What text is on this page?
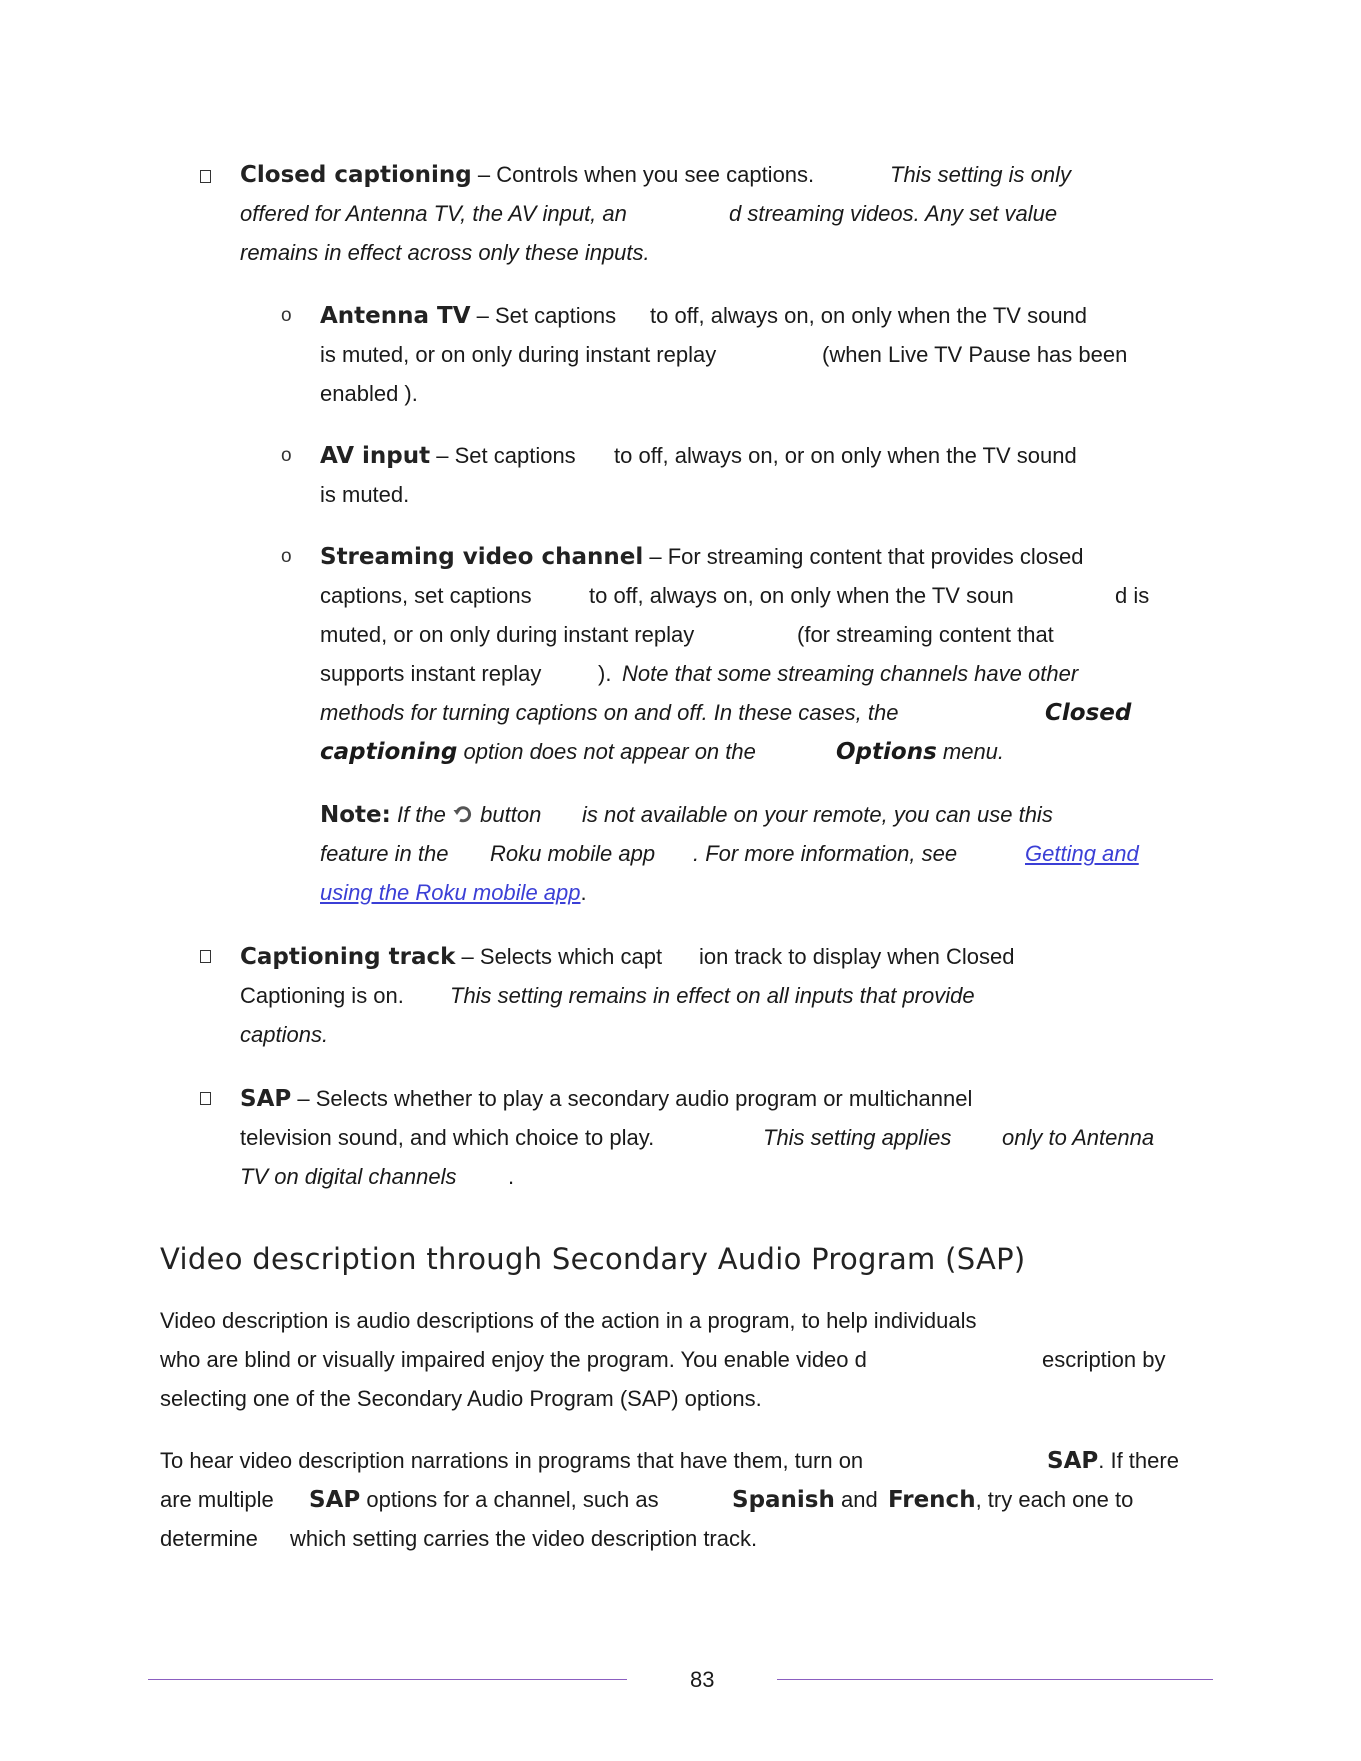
Closed captioning – Controls when you see captions.	This setting is only
offered for Antenna TV, the AV input, an	d streaming videos. Any set value
remains in effect across only these inputs.
o Antenna TV – Set captions to off, always on, on only when the TV sound
is muted, or on only during instant replay	(when Live TV Pause has been
enabled ).
o AV input – Set captions to off, always on, or on only when the TV sound
is muted.
o Streaming video channel – For streaming content that provides closed
captions, set captions	to off, always on, on only when the TV soun	d is
muted, or on only during instant replay	(for streaming content that
supports instant replay	). Note that some streaming channels have other
methods for turning captions on and off. In these cases, the	Closed
captioning option does not appear on the	Options menu.
Note: If the button is not available on your remote, you can use this
feature in the Roku mobile app . For more information, see	Getting and
using the Roku mobile app.
Captioning track – Selects which capt ion track to display when Closed
Captioning is on. This setting remains in effect on all inputs that provide
captions.
SAP – Selects whether to play a secondary audio program or multichannel
television sound, and which choice to play.	This setting applies only to Antenna
TV on digital channels .
Video description through Secondary Audio Program (SAP)
Video description is audio descriptions of the action in a program, to help individuals
who are blind or visually impaired enjoy the program. You enable video d	escription by
selecting one of the Secondary Audio Program (SAP) options.
To hear video description narrations in programs that have them, turn on	SAP. If there
are multiple SAP options for a channel, such as	Spanish and French, try each one to
determine which setting carries the video description track.
83
